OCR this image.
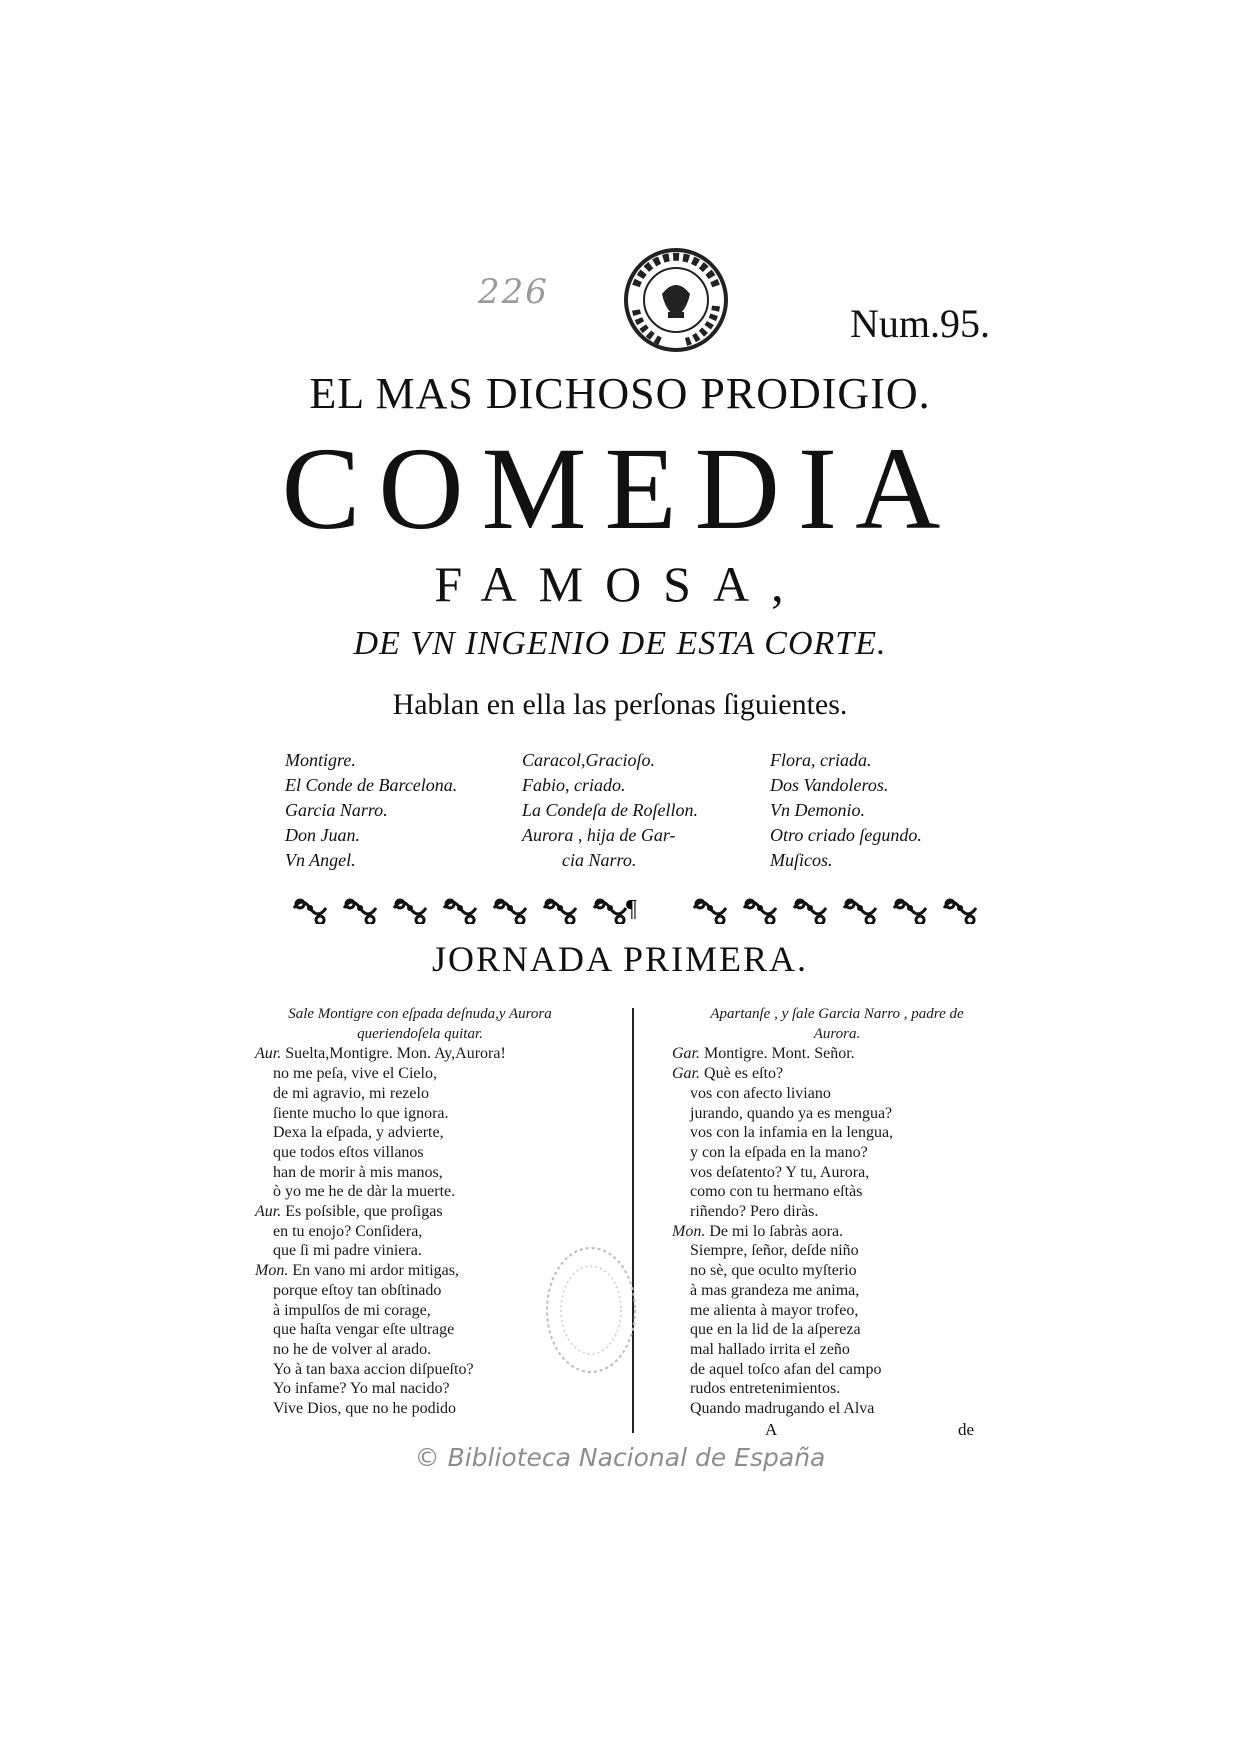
226
Num.95.
EL MAS DICHOSO PRODIGIO.
COMEDIA
FAMOSA,
DE VN INGENIO DE ESTA CORTE.
Hablan en ella las perſonas ſiguientes.
Montigre.
El Conde de Barcelona.
Garcia Narro.
Don Juan.
Vn Angel.
Caracol,Gracioſo.
Fabio, criado.
La Condeſa de Roſellon.
Aurora , hija de Gar-
cia Narro.
Flora, criada.
Dos Vandoleros.
Vn Demonio.
Otro criado ſegundo.
Muſicos.
¶
JORNADA PRIMERA.
Sale Montigre con eſpada deſnuda,y Aurora
queriendoſela quitar.
Aur. Suelta,Montigre. Mon. Ay,Aurora!
no me peſa, vive el Cielo,
de mi agravio, mi rezelo
ſiente mucho lo que ignora.
Dexa la eſpada, y advierte,
que todos eſtos villanos
han de morir à mis manos,
ò yo me he de dàr la muerte.
Aur. Es poſsible, que proſigas
en tu enojo? Conſidera,
que ſi mi padre viniera.
Mon. En vano mi ardor mitigas,
porque eſtoy tan obſtinado
à impulſos de mi corage,
que haſta vengar eſte ultrage
no he de volver al arado.
Yo à tan baxa accion diſpueſto?
Yo infame? Yo mal nacido?
Vive Dios, que no he podido
Apartanſe , y ſale Garcia Narro , padre de
Aurora.
Gar. Montigre. Mont. Señor.
Gar. Què es eſto?
vos con afecto liviano
jurando, quando ya es mengua?
vos con la infamia en la lengua,
y con la eſpada en la mano?
vos deſatento? Y tu, Aurora,
como con tu hermano eſtàs
riñendo? Pero diràs.
Mon. De mi lo ſabràs aora.
Siempre, ſeñor, deſde niño
no sè, que oculto myſterio
à mas grandeza me anima,
me alienta à mayor trofeo,
que en la lid de la aſpereza
mal hallado irrita el zeño
de aquel toſco afan del campo
rudos entretenimientos.
Quando madrugando el Alva
A	de
© Biblioteca Nacional de España
